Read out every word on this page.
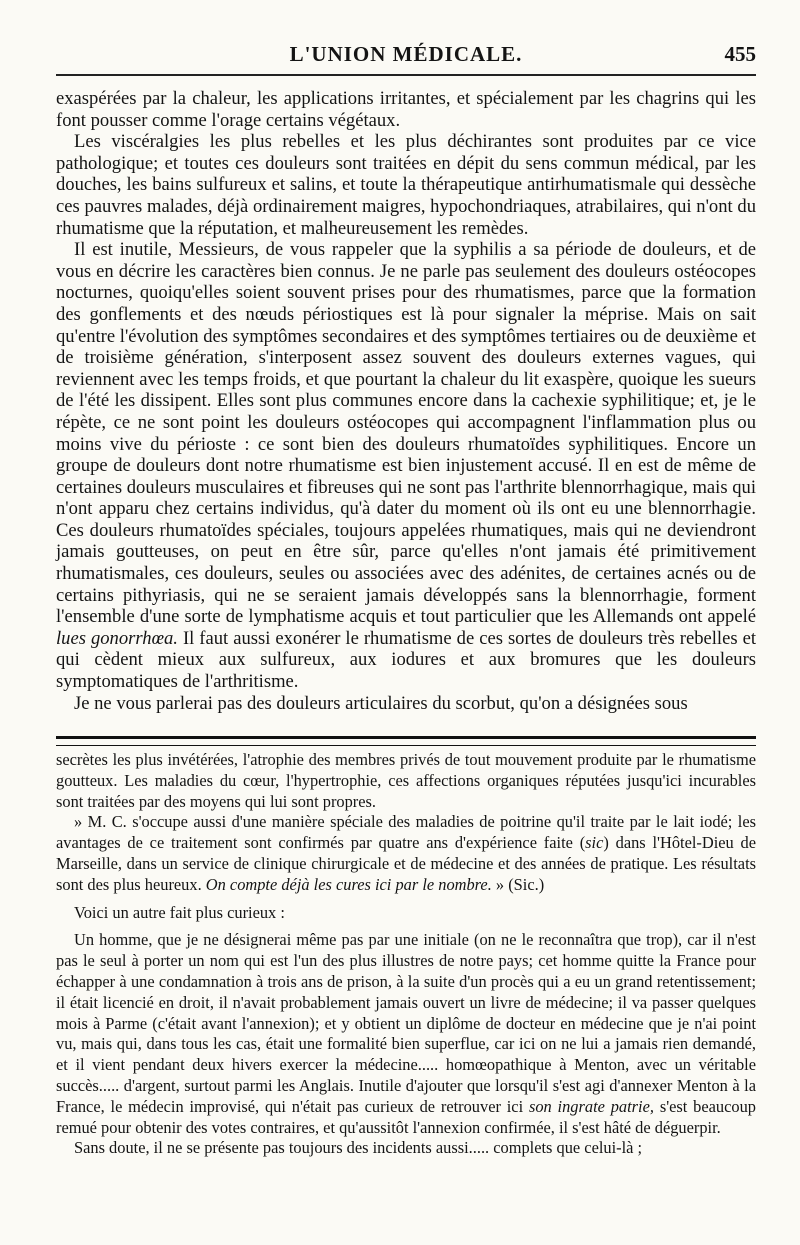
L'UNION MÉDICALE.	455

exaspérées par la chaleur, les applications irritantes, et spécialement par les chagrins qui les font pousser comme l'orage certains végétaux.

Les viscéralgies les plus rebelles et les plus déchirantes sont produites par ce vice pathologique; et toutes ces douleurs sont traitées en dépit du sens commun médical, par les douches, les bains sulfureux et salins, et toute la thérapeutique antirhumatismale qui dessèche ces pauvres malades, déjà ordinairement maigres, hypochondriaques, atrabilaires, qui n'ont du rhumatisme que la réputation, et malheureusement les remèdes.

Il est inutile, Messieurs, de vous rappeler que la syphilis a sa période de douleurs, et de vous en décrire les caractères bien connus. Je ne parle pas seulement des douleurs ostéocopes nocturnes, quoiqu'elles soient souvent prises pour des rhumatismes, parce que la formation des gonflements et des nœuds périostiques est là pour signaler la méprise. Mais on sait qu'entre l'évolution des symptômes secondaires et des symptômes tertiaires ou de deuxième et de troisième génération, s'interposent assez souvent des douleurs externes vagues, qui reviennent avec les temps froids, et que pourtant la chaleur du lit exaspère, quoique les sueurs de l'été les dissipent. Elles sont plus communes encore dans la cachexie syphilitique; et, je le répète, ce ne sont point les douleurs ostéocopes qui accompagnent l'inflammation plus ou moins vive du périoste : ce sont bien des douleurs rhumatoïdes syphilitiques. Encore un groupe de douleurs dont notre rhumatisme est bien injustement accusé. Il en est de même de certaines douleurs musculaires et fibreuses qui ne sont pas l'arthrite blennorrhagique, mais qui n'ont apparu chez certains individus, qu'à dater du moment où ils ont eu une blennorrhagie. Ces douleurs rhumatoïdes spéciales, toujours appelées rhumatiques, mais qui ne deviendront jamais goutteuses, on peut en être sûr, parce qu'elles n'ont jamais été primitivement rhumatismales, ces douleurs, seules ou associées avec des adénites, de certaines acnés ou de certains pithyriasis, qui ne se seraient jamais développés sans la blennorrhagie, forment l'ensemble d'une sorte de lymphatisme acquis et tout particulier que les Allemands ont appelé lues gonorrhœa. Il faut aussi exonérer le rhumatisme de ces sortes de douleurs très rebelles et qui cèdent mieux aux sulfureux, aux iodures et aux bromures que les douleurs symptomatiques de l'arthritisme.

Je ne vous parlerai pas des douleurs articulaires du scorbut, qu'on a désignées sous

secrètes les plus invétérées, l'atrophie des membres privés de tout mouvement produite par le rhumatisme goutteux. Les maladies du cœur, l'hypertrophie, ces affections organiques réputées jusqu'ici incurables sont traitées par des moyens qui lui sont propres.

» M. C. s'occupe aussi d'une manière spéciale des maladies de poitrine qu'il traite par le lait iodé; les avantages de ce traitement sont confirmés par quatre ans d'expérience faite (sic) dans l'Hôtel-Dieu de Marseille, dans un service de clinique chirurgicale et de médecine et des années de pratique. Les résultats sont des plus heureux. On compte déjà les cures ici par le nombre. » (Sic.)

Voici un autre fait plus curieux :

Un homme, que je ne désignerai même pas par une initiale (on ne le reconnaîtra que trop), car il n'est pas le seul à porter un nom qui est l'un des plus illustres de notre pays; cet homme quitte la France pour échapper à une condamnation à trois ans de prison, à la suite d'un procès qui a eu un grand retentissement; il était licencié en droit, il n'avait probablement jamais ouvert un livre de médecine; il va passer quelques mois à Parme (c'était avant l'annexion); et y obtient un diplôme de docteur en médecine que je n'ai point vu, mais qui, dans tous les cas, était une formalité bien superflue, car ici on ne lui a jamais rien demandé, et il vient pendant deux hivers exercer la médecine..... homœopathique à Menton, avec un véritable succès..... d'argent, surtout parmi les Anglais. Inutile d'ajouter que lorsqu'il s'est agi d'annexer Menton à la France, le médecin improvisé, qui n'était pas curieux de retrouver ici son ingrate patrie, s'est beaucoup remué pour obtenir des votes contraires, et qu'aussitôt l'annexion confirmée, il s'est hâté de déguerpir.

Sans doute, il ne se présente pas toujours des incidents aussi..... complets que celui-là ;
